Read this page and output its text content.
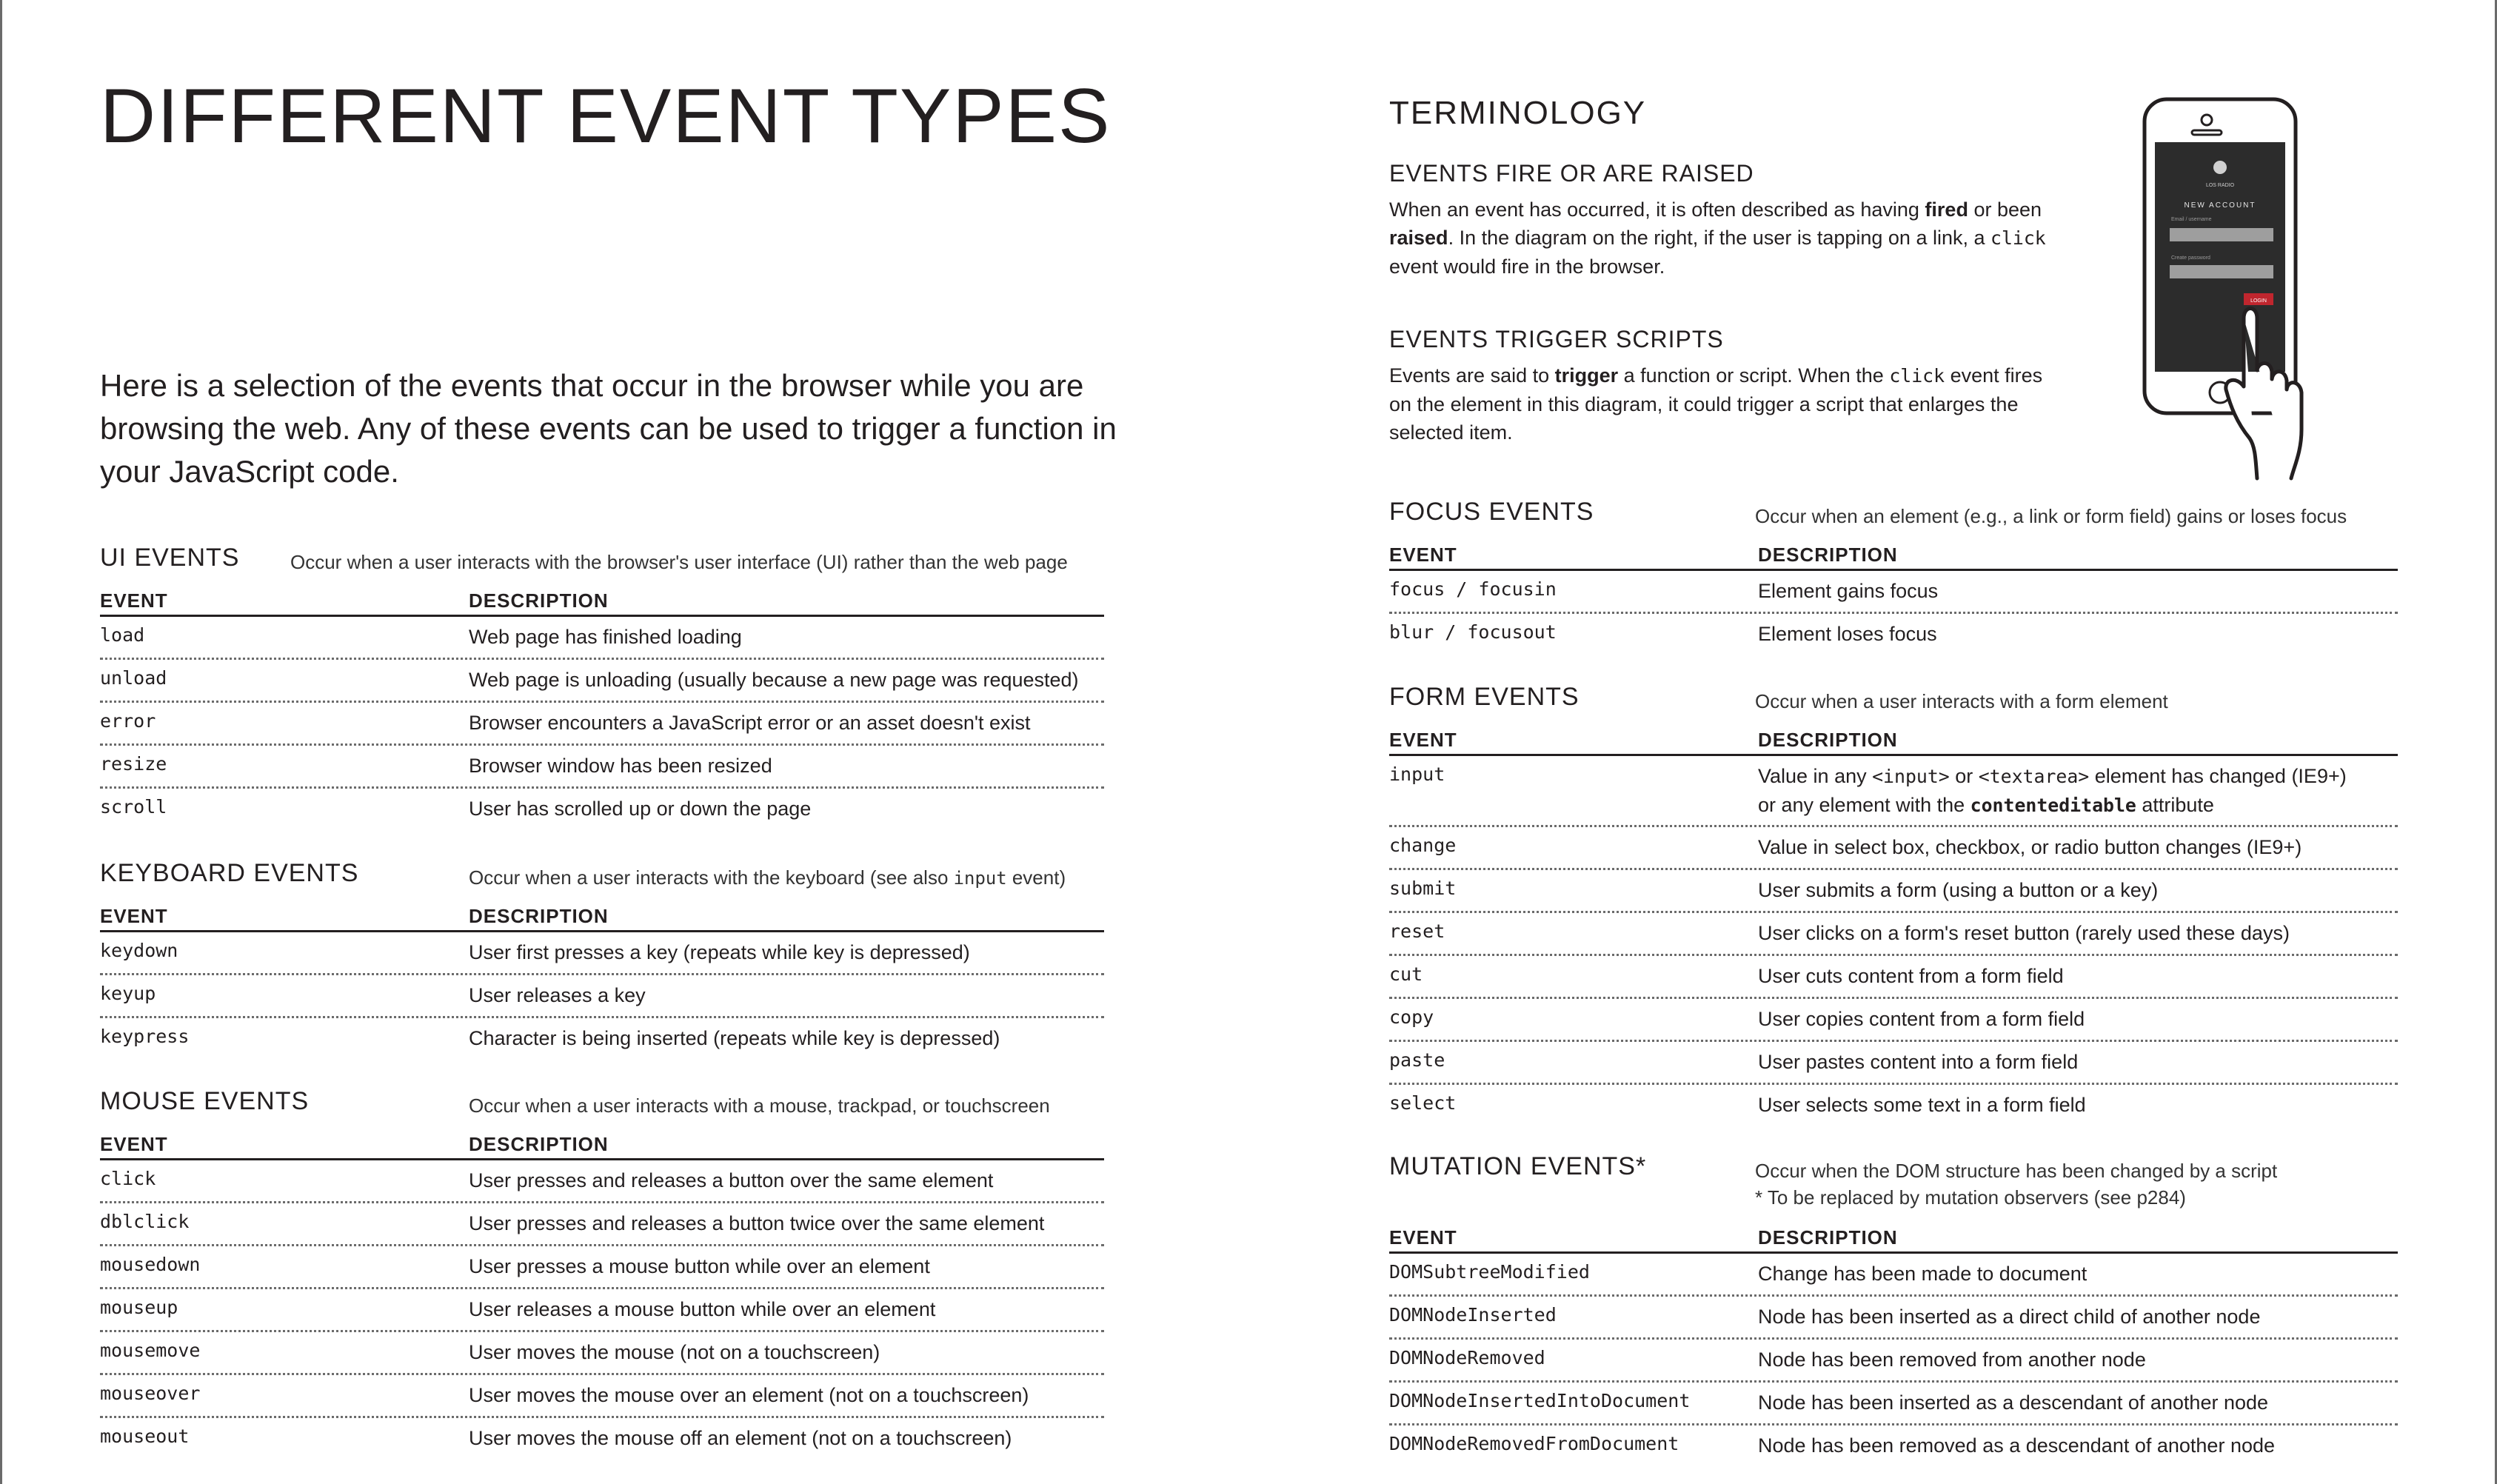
DIFFERENT EVENT TYPES
Here is a selection of the events that occur in the browser while you are browsing the web. Any of these events can be used to trigger a function in your JavaScript code.
UI EVENTS	Occur when a user interacts with the browser's user interface (UI) rather than the web page
EVENT	DESCRIPTION
load	Web page has finished loading
unload	Web page is unloading (usually because a new page was requested)
error	Browser encounters a JavaScript error or an asset doesn't exist
resize	Browser window has been resized
scroll	User has scrolled up or down the page
KEYBOARD EVENTS	Occur when a user interacts with the keyboard (see also input event)
EVENT	DESCRIPTION
keydown	User first presses a key (repeats while key is depressed)
keyup	User releases a key
keypress	Character is being inserted (repeats while key is depressed)
MOUSE EVENTS	Occur when a user interacts with a mouse, trackpad, or touchscreen
EVENT	DESCRIPTION
click	User presses and releases a button over the same element
dblclick	User presses and releases a button twice over the same element
mousedown	User presses a mouse button while over an element
mouseup	User releases a mouse button while over an element
mousemove	User moves the mouse (not on a touchscreen)
mouseover	User moves the mouse over an element (not on a touchscreen)
mouseout	User moves the mouse off an element (not on a touchscreen)
TERMINOLOGY
EVENTS FIRE OR ARE RAISED
When an event has occurred, it is often described as having fired or been raised. In the diagram on the right, if the user is tapping on a link, a click event would fire in the browser.
EVENTS TRIGGER SCRIPTS
Events are said to trigger a function or script. When the click event fires on the element in this diagram, it could trigger a script that enlarges the selected item.
LOS RADIO
NEW ACCOUNT
Email / username
Create password
LOGIN
FOCUS EVENTS	Occur when an element (e.g., a link or form field) gains or loses focus
EVENT	DESCRIPTION
focus / focusin	Element gains focus
blur / focusout	Element loses focus
FORM EVENTS	Occur when a user interacts with a form element
EVENT	DESCRIPTION
input	Value in any <input> or <textarea> element has changed (IE9+)
or any element with the contenteditable attribute
change	Value in select box, checkbox, or radio button changes (IE9+)
submit	User submits a form (using a button or a key)
reset	User clicks on a form's reset button (rarely used these days)
cut	User cuts content from a form field
copy	User copies content from a form field
paste	User pastes content into a form field
select	User selects some text in a form field
MUTATION EVENTS*	Occur when the DOM structure has been changed by a script
* To be replaced by mutation observers (see p284)
EVENT	DESCRIPTION
DOMSubtreeModified	Change has been made to document
DOMNodeInserted	Node has been inserted as a direct child of another node
DOMNodeRemoved	Node has been removed from another node
DOMNodeInsertedIntoDocument	Node has been inserted as a descendant of another node
DOMNodeRemovedFromDocument	Node has been removed as a descendant of another node
